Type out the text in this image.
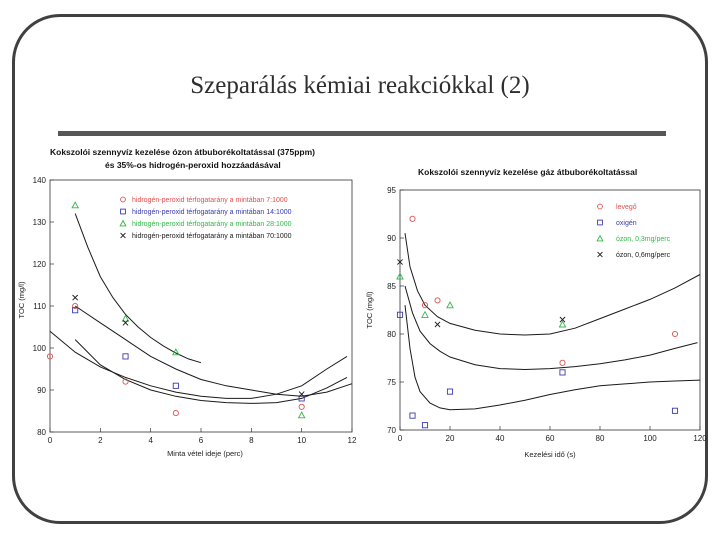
Szeparálás kémiai reakciókkal (2)
Kokszolói szennyvíz kezelése ózon átbuborékoltatással (375ppm)
és 35%-os hidrogén-peroxid hozzáadásával
0	2	4	6	8	10	12
80
90
100
110
120
130
140
hidrogén-peroxid térfogatarány a mintában 7:1000
hidrogén-peroxid térfogatarány a mintában 14:1000
hidrogén-peroxid térfogatarány a mintában 28:1000
hidrogén-peroxid térfogatarány a mintában 70:1000
Minta vétel ideje (perc)
TOC (mg/l)
Kokszolói szennyvíz kezelése gáz átbuborékoltatással
0	20	40	60	80	100	120
70
75
80
85
90
95
levegő
oxigén
ózon, 0,3mg/perc
ózon, 0,6mg/perc
Kezelési idő (s)
TOC (mg/l)
